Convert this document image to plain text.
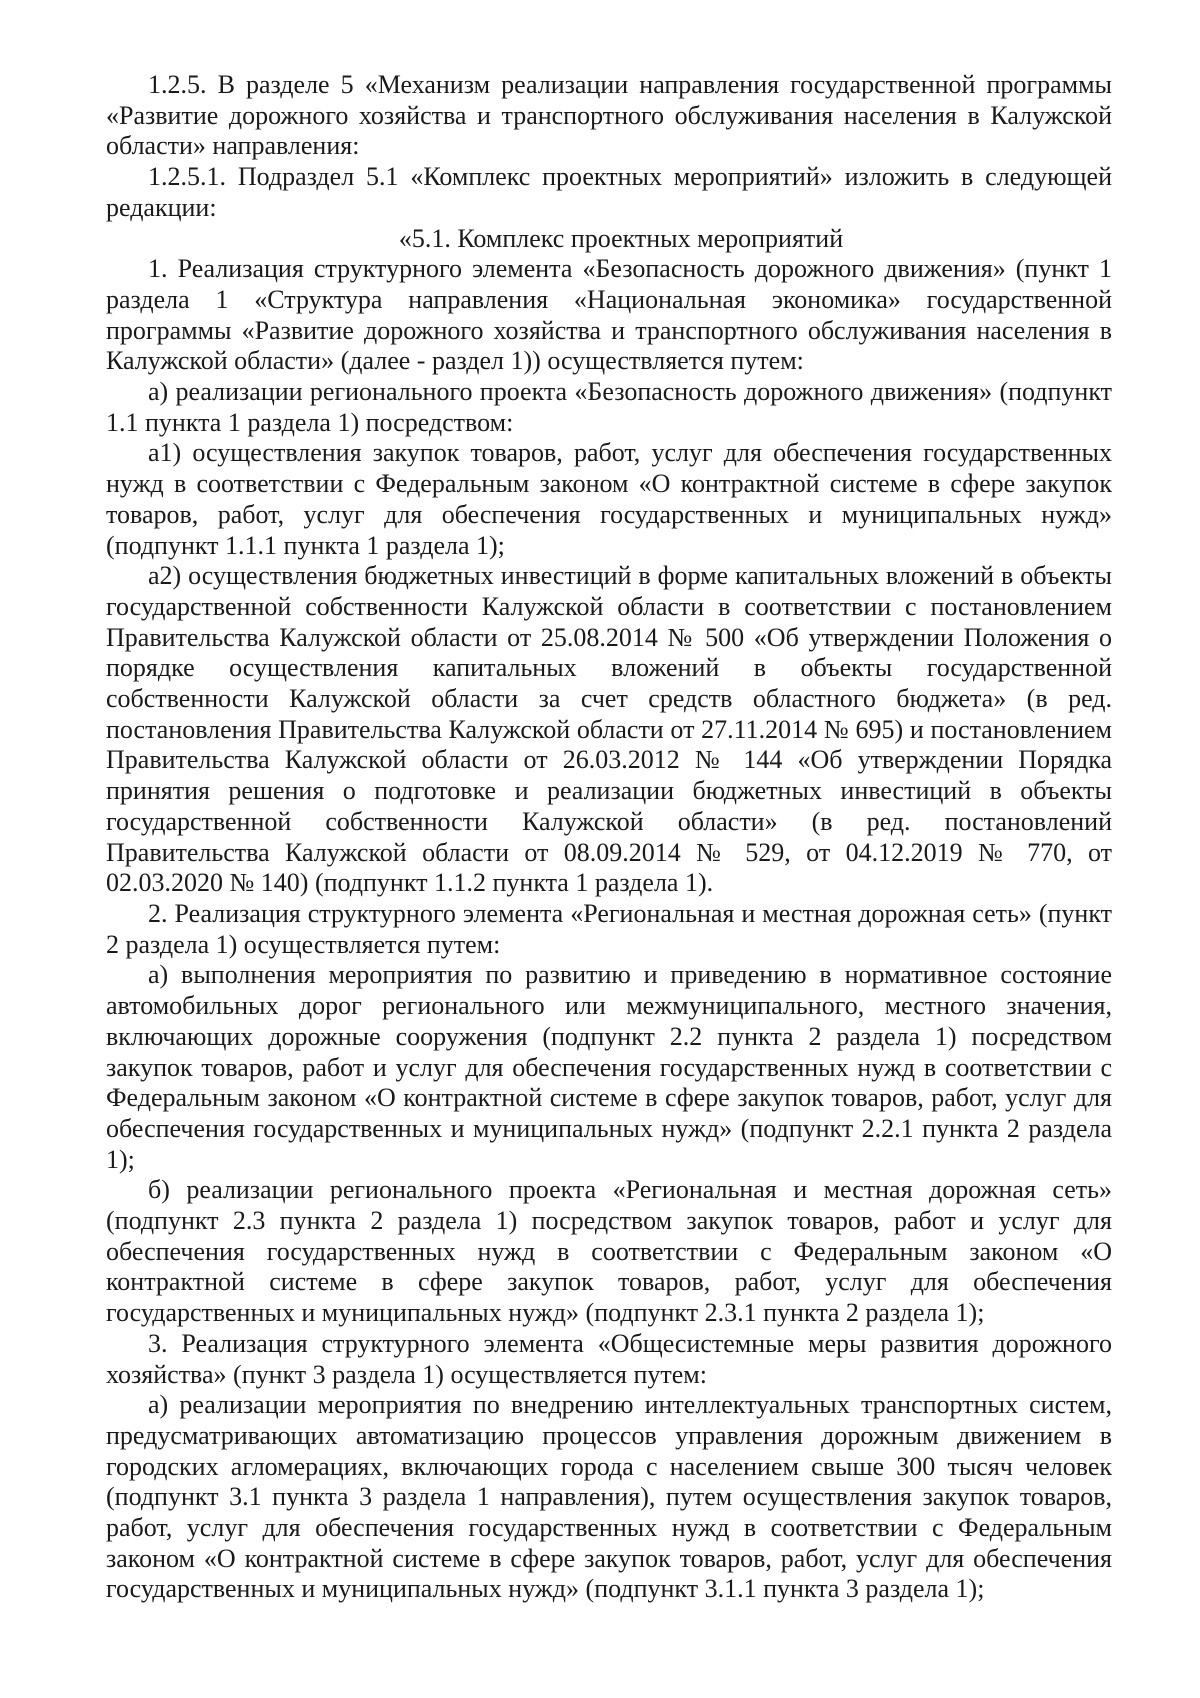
1.2.5. В разделе 5 «Механизм реализации направления государственной программы «Развитие дорожного хозяйства и транспортного обслуживания населения в Калужской области» направления:

1.2.5.1. Подраздел 5.1 «Комплекс проектных мероприятий» изложить в следующей редакции:

«5.1. Комплекс проектных мероприятий

1. Реализация структурного элемента «Безопасность дорожного движения» (пункт 1 раздела 1 «Структура направления «Национальная экономика» государственной программы «Развитие дорожного хозяйства и транспортного обслуживания населения в Калужской области» (далее - раздел 1)) осуществляется путем:

а) реализации регионального проекта «Безопасность дорожного движения» (подпункт 1.1 пункта 1 раздела 1) посредством:

а1) осуществления закупок товаров, работ, услуг для обеспечения государственных нужд в соответствии с Федеральным законом «О контрактной системе в сфере закупок товаров, работ, услуг для обеспечения государственных и муниципальных нужд» (подпункт 1.1.1 пункта 1 раздела 1);

а2) осуществления бюджетных инвестиций в форме капитальных вложений в объекты государственной собственности Калужской области в соответствии с постановлением Правительства Калужской области от 25.08.2014 № 500 «Об утверждении Положения о порядке осуществления капитальных вложений в объекты государственной собственности Калужской области за счет средств областного бюджета» (в ред. постановления Правительства Калужской области от 27.11.2014 № 695) и постановлением Правительства Калужской области от 26.03.2012 № 144 «Об утверждении Порядка принятия решения о подготовке и реализации бюджетных инвестиций в объекты государственной собственности Калужской области» (в ред. постановлений Правительства Калужской области от 08.09.2014 № 529, от 04.12.2019 № 770, от 02.03.2020 № 140) (подпункт 1.1.2 пункта 1 раздела 1).

2. Реализация структурного элемента «Региональная и местная дорожная сеть» (пункт 2 раздела 1) осуществляется путем:

а) выполнения мероприятия по развитию и приведению в нормативное состояние автомобильных дорог регионального или межмуниципального, местного значения, включающих дорожные сооружения (подпункт 2.2 пункта 2 раздела 1) посредством закупок товаров, работ и услуг для обеспечения государственных нужд в соответствии с Федеральным законом «О контрактной системе в сфере закупок товаров, работ, услуг для обеспечения государственных и муниципальных нужд» (подпункт 2.2.1 пункта 2 раздела 1);

б) реализации регионального проекта «Региональная и местная дорожная сеть» (подпункт 2.3 пункта 2 раздела 1) посредством закупок товаров, работ и услуг для обеспечения государственных нужд в соответствии с Федеральным законом «О контрактной системе в сфере закупок товаров, работ, услуг для обеспечения государственных и муниципальных нужд» (подпункт 2.3.1 пункта 2 раздела 1);

3. Реализация структурного элемента «Общесистемные меры развития дорожного хозяйства» (пункт 3 раздела 1) осуществляется путем:

а) реализации мероприятия по внедрению интеллектуальных транспортных систем, предусматривающих автоматизацию процессов управления дорожным движением в городских агломерациях, включающих города с населением свыше 300 тысяч человек (подпункт 3.1 пункта 3 раздела 1 направления), путем осуществления закупок товаров, работ, услуг для обеспечения государственных нужд в соответствии с Федеральным законом «О контрактной системе в сфере закупок товаров, работ, услуг для обеспечения государственных и муниципальных нужд» (подпункт 3.1.1 пункта 3 раздела 1);
